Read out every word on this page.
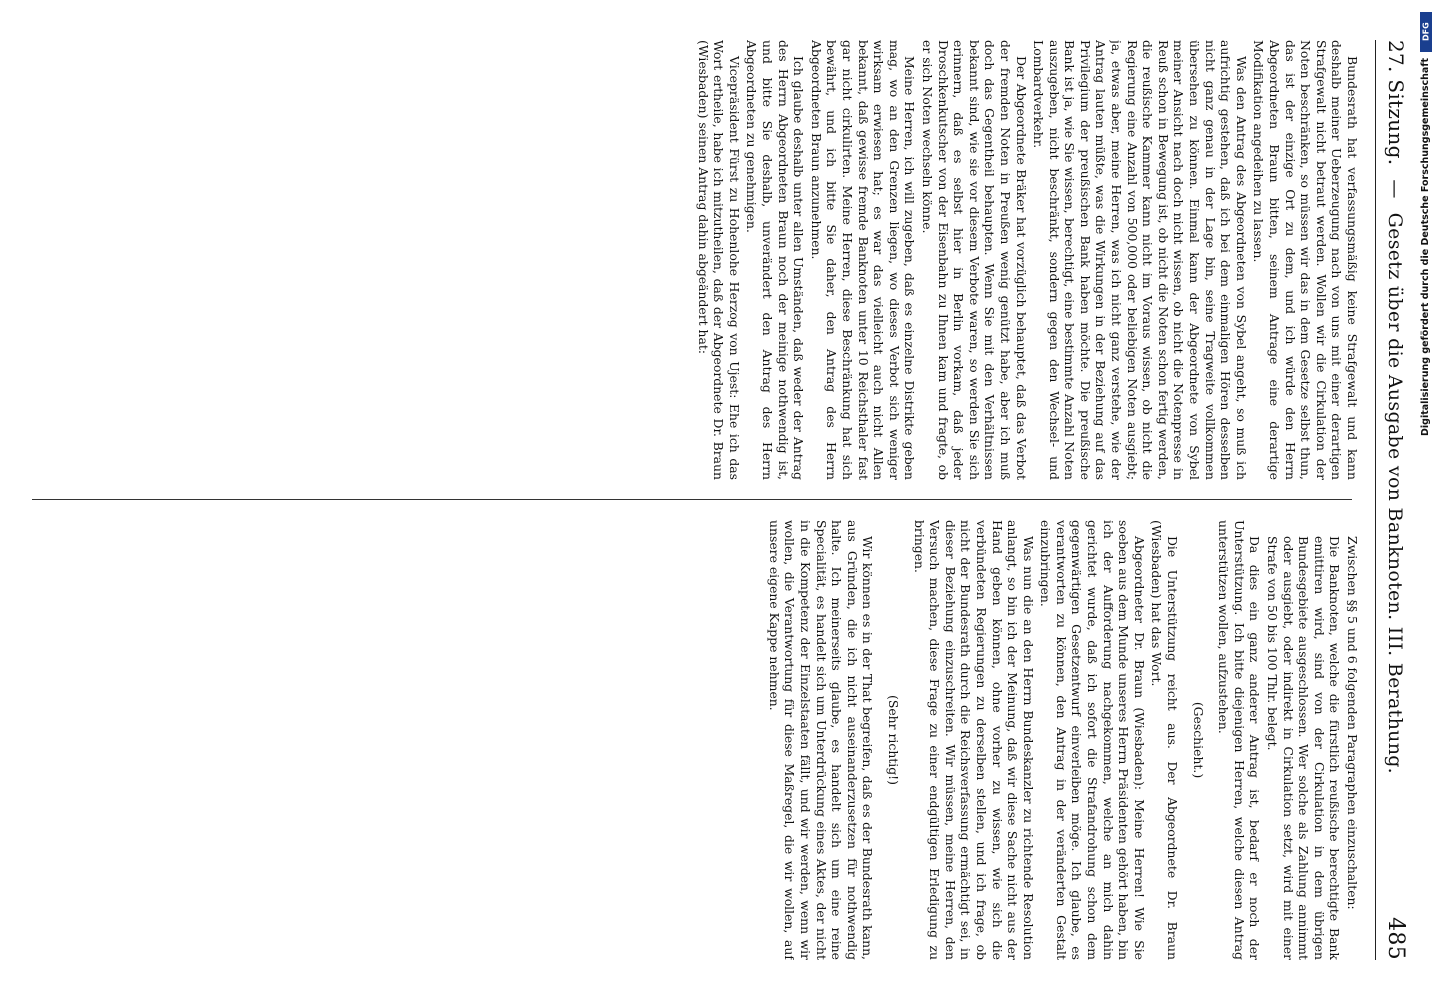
27. Sitzung.
—
Gesetz über die Ausgabe von Banknoten. III. Berathung.
485

Bundesrath hat verfassungsmäßig keine Strafgewalt und kann deshalb meiner Ueberzeugung nach von uns mit einer derartigen Strafgewalt nicht betraut werden. Wollen wir die Cirkulation der Noten beschränken, so müssen wir das in dem Gesetze selbst thun, das ist der einzige Ort zu dem, und ich würde den Herrn Abgeordneten Braun bitten, seinem Antrage eine derartige Modifikation angedeihen zu lassen.

Was den Antrag des Abgeordneten von Sybel angeht, so muß ich aufrichtig gestehen, daß ich bei dem einmaligen Hören desselben nicht ganz genau in der Lage bin, seine Tragweite vollkommen übersehen zu können. Einmal kann der Abgeordnete von Sybel meiner Ansicht nach doch nicht wissen, ob nicht die Notenpresse in Reuß schon in Bewegung ist, ob nicht die Noten schon fertig werden, die reußische Kammer kann nicht im Voraus wissen, ob nicht die Regierung eine Anzahl von 500,000 oder beliebigen Noten ausgiebt; ja, etwas aber, meine Herren, was ich nicht ganz verstehe, wie der Antrag lauten müßte, was die Wirkungen in der Beziehung auf das Privilegium der preußischen Bank haben möchte. Die preußische Bank ist ja, wie Sie wissen, berechtigt, eine bestimmte Anzahl Noten auszugeben, nicht beschränkt, sondern gegen den Wechsel- und Lombardverkehr.

Der Abgeordnete Bräker hat vorzüglich behauptet, daß das Verbot der fremden Noten in Preußen wenig genützt habe, aber ich muß doch das Gegentheil behaupten. Wenn Sie mit den Verhältnissen bekannt sind, wie sie vor diesem Verbote waren, so werden Sie sich erinnern, daß es selbst hier in Berlin vorkam, daß jeder Droschkenkutscher von der Eisenbahn zu Ihnen kam und fragte, ob er sich Noten wechseln könne.

Meine Herren, ich will zugeben, daß es einzelne Distrikte geben mag, wo an den Grenzen liegen, wo dieses Verbot sich weniger wirksam erwiesen hat; es war das vielleicht auch nicht Allen bekannt, daß gewisse fremde Banknoten unter 10 Reichsthaler fast gar nicht cirkulirten. Meine Herren, diese Beschränkung hat sich bewährt, und ich bitte Sie daher, den Antrag des Herrn Abgeordneten Braun anzunehmen.

Ich glaube deshalb unter allen Umständen, daß weder der Antrag des Herrn Abgeordneten Braun noch der meinige nothwendig ist, und bitte Sie deshalb, unverändert den Antrag des Herrn Abgeordneten zu genehmigen.

Vicepräsident Fürst zu Hohenlohe Herzog von Ujest: Ehe ich das Wort ertheile, habe ich mitzutheilen, daß der Abgeordnete Dr. Braun (Wiesbaden) seinen Antrag dahin abgeändert hat:

Zwischen §§ 5 und 6 folgenden Paragraphen einzuschalten:

Die Banknoten, welche die fürstlich reußische berechtigte Bank emittiren wird, sind von der Cirkulation in dem übrigen Bundesgebiete ausgeschlossen. Wer solche als Zahlung annimmt oder ausgiebt, oder indirekt in Cirkulation setzt, wird mit einer Strafe von 50 bis 100 Thlr. belegt.

Da dies ein ganz anderer Antrag ist, bedarf er noch der Unterstützung. Ich bitte diejenigen Herren, welche diesen Antrag unterstützen wollen, aufzustehen.

(Geschieht.)

Die Unterstützung reicht aus. Der Abgeordnete Dr. Braun (Wiesbaden) hat das Wort.

Abgeordneter Dr. Braun (Wiesbaden): Meine Herren! Wie Sie soeben aus dem Munde unseres Herrn Präsidenten gehört haben, bin ich der Aufforderung nachgekommen, welche an mich dahin gerichtet wurde, daß ich sofort die Strafandrohung schon dem gegenwärtigen Gesetzentwurf einverleiben möge. Ich glaube, es verantworten zu können, den Antrag in der veränderten Gestalt einzubringen.

Was nun die an den Herrn Bundeskanzler zu richtende Resolution anlangt, so bin ich der Meinung, daß wir diese Sache nicht aus der Hand geben können, ohne vorher zu wissen, wie sich die verbündeten Regierungen zu derselben stellen, und ich frage, ob nicht der Bundesrath durch die Reichsverfassung ermächtigt sei, in dieser Beziehung einzuschreiten. Wir müssen, meine Herren, den Versuch machen, diese Frage zu einer endgültigen Erledigung zu bringen.

(Sehr richtig!)

Wir können es in der That begreifen, daß es der Bundesrath kann, aus Gründen, die ich nicht auseinanderzusetzen für nothwendig halte. Ich meinerseits glaube, es handelt sich um eine reine Specialität, es handelt sich um Unterdrückung eines Aktes, der nicht in die Kompetenz der Einzelstaaten fällt, und wir werden, wenn wir wollen, die Verantwortung für diese Maßregel, die wir wollen, auf unsere eigene Kappe nehmen.

DFG
Digitalisierung gefördert durch die Deutsche Forschungsgemeinschaft
